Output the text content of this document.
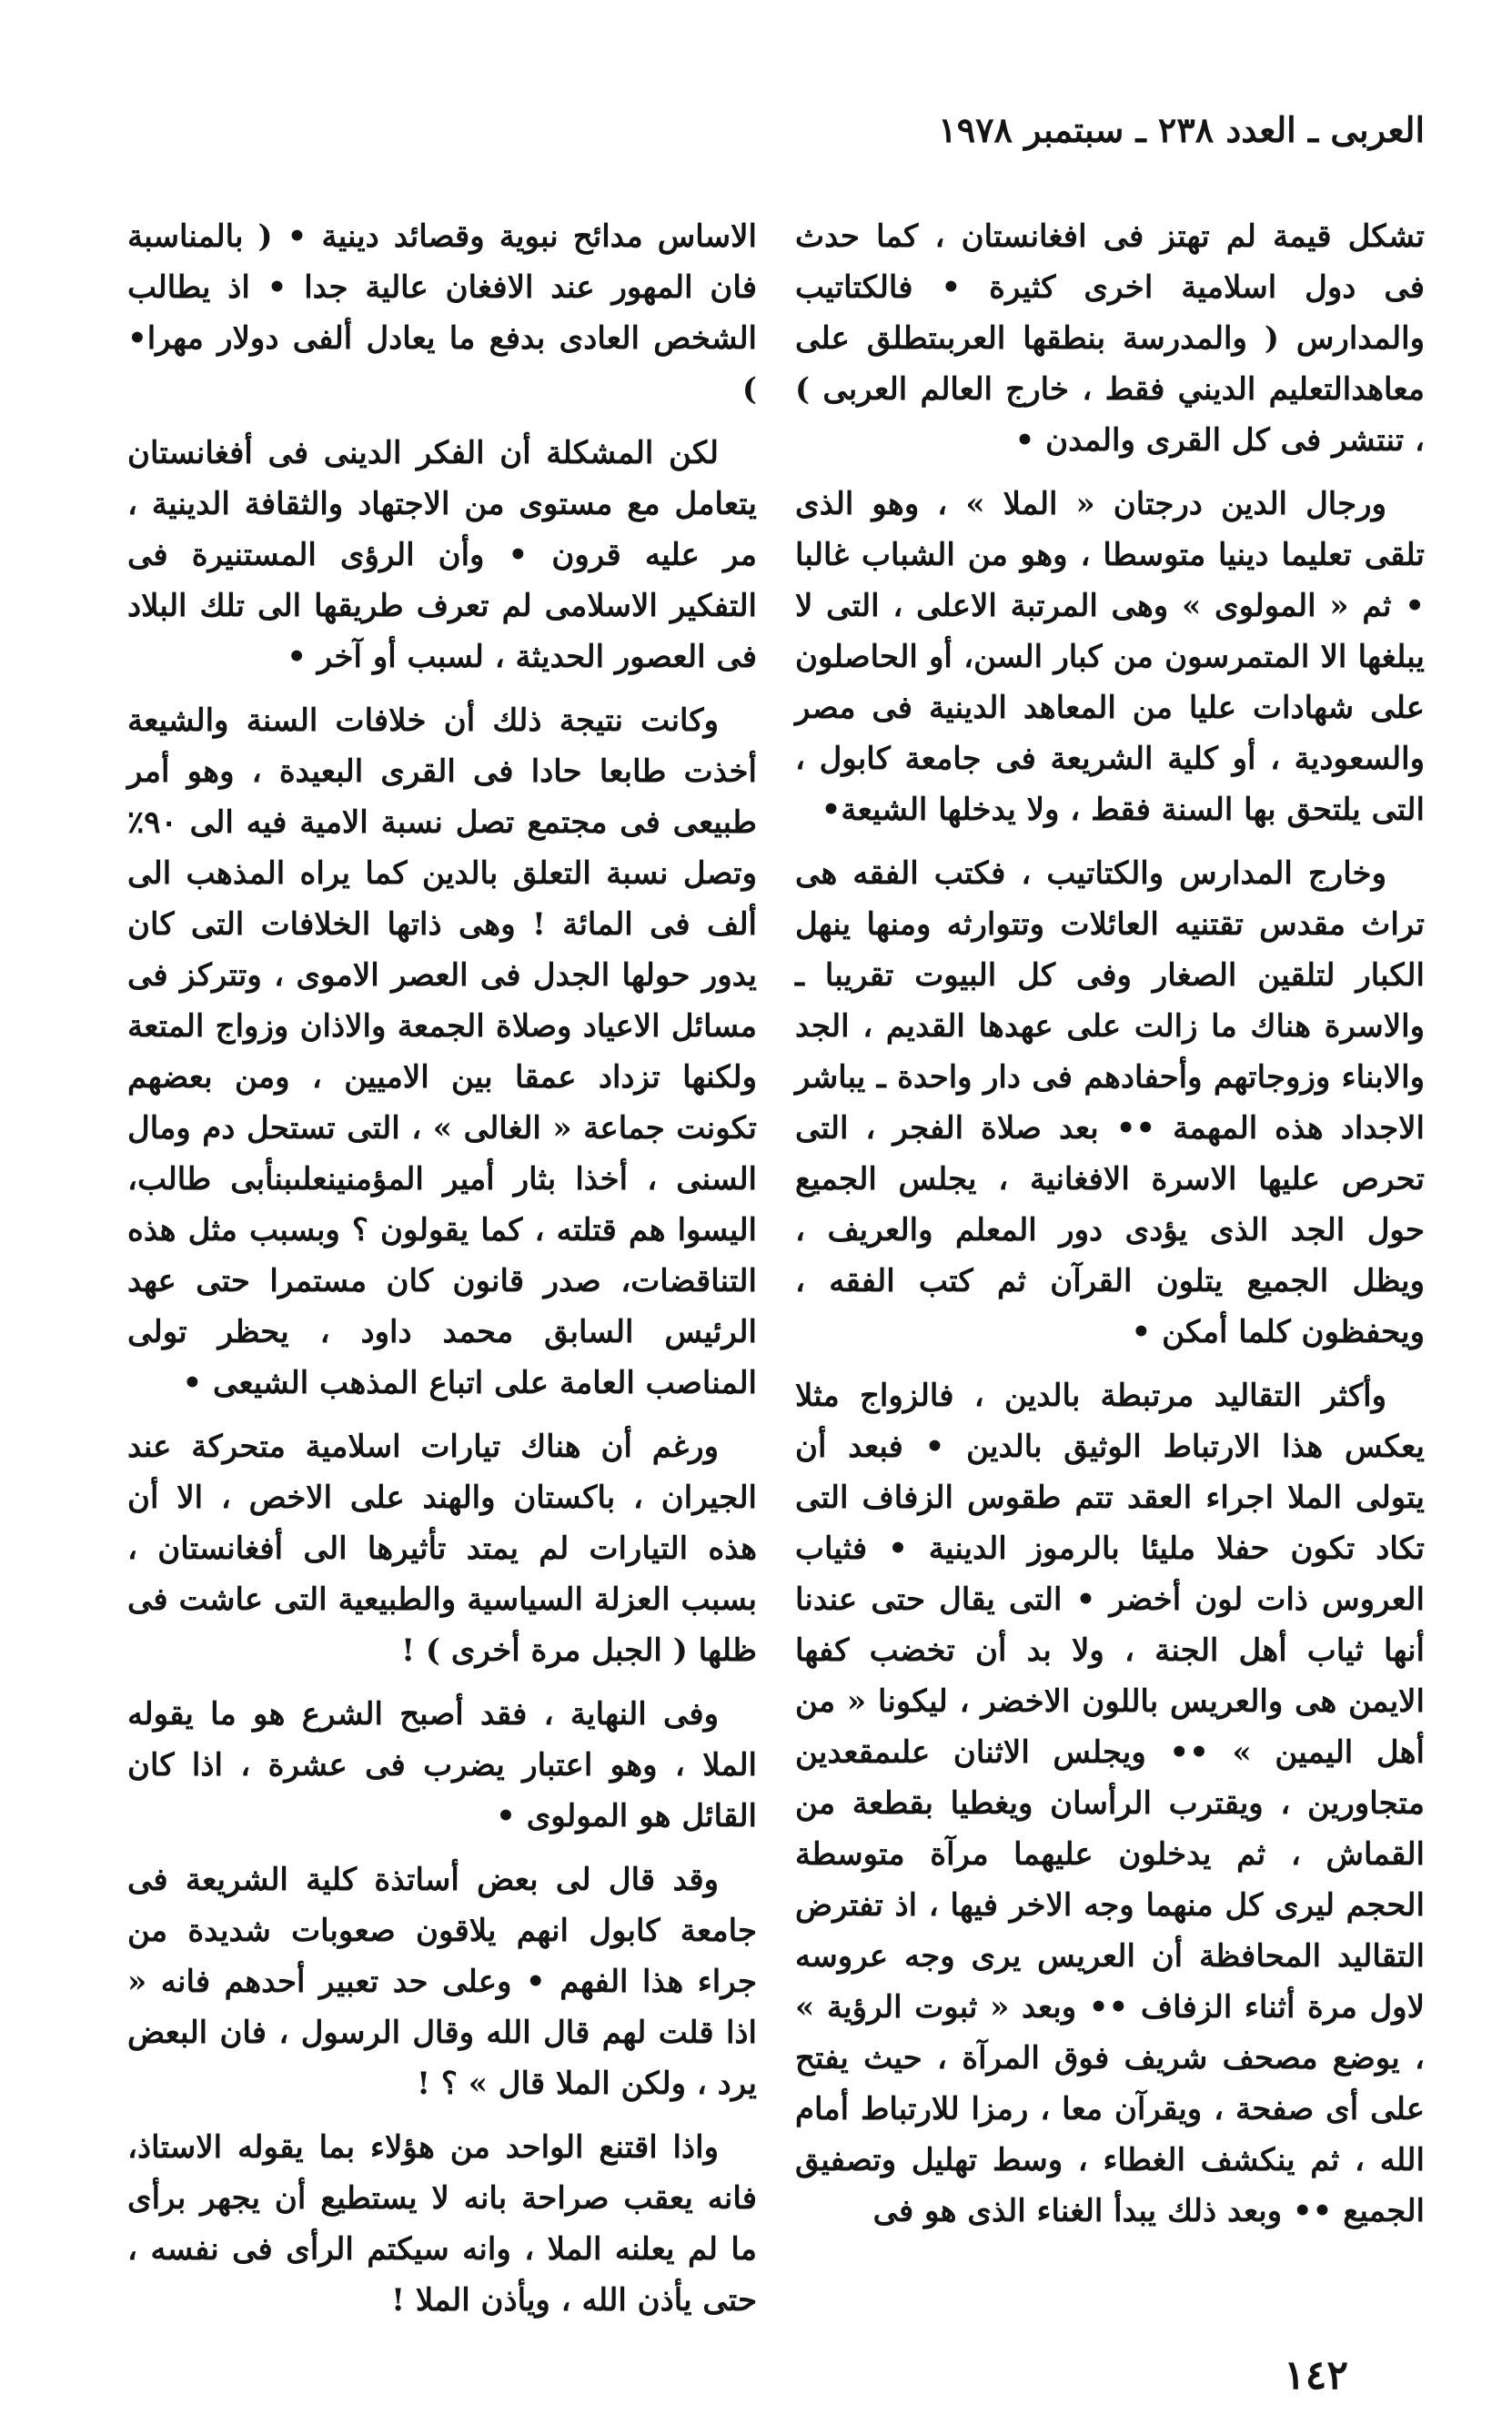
العربى ـ العدد ٢٣٨ ـ سبتمبر ١٩٧٨

تشكل قيمة لم تهتز فى افغانستان ، كما حدث فى دول اسلامية اخرى كثيرة • فالكتاتيب والمدارس ( والمدرسة بنطقها العربىتطلق على معاهدالتعليم الديني فقط ، خارج العالم العربى ) ، تنتشر فى كل القرى والمدن •

ورجال الدين درجتان « الملا » ، وهو الذى تلقى تعليما دينيا متوسطا ، وهو من الشباب غالبا • ثم « المولوى » وهى المرتبة الاعلى ، التى لا يبلغها الا المتمرسون من كبار السن، أو الحاصلون على شهادات عليا من المعاهد الدينية فى مصر والسعودية ، أو كلية الشريعة فى جامعة كابول ، التى يلتحق بها السنة فقط ، ولا يدخلها الشيعة•

وخارج المدارس والكتاتيب ، فكتب الفقه هى تراث مقدس تقتنيه العائلات وتتوارثه ومنها ينهل الكبار لتلقين الصغار وفى كل البيوت تقريبا ـ والاسرة هناك ما زالت على عهدها القديم ، الجد والابناء وزوجاتهم وأحفادهم فى دار واحدة ـ يباشر الاجداد هذه المهمة •• بعد صلاة الفجر ، التى تحرص عليها الاسرة الافغانية ، يجلس الجميع حول الجد الذى يؤدى دور المعلم والعريف ، ويظل الجميع يتلون القرآن ثم كتب الفقه ، ويحفظون كلما أمكن •

وأكثر التقاليد مرتبطة بالدين ، فالزواج مثلا يعكس هذا الارتباط الوثيق بالدين • فبعد أن يتولى الملا اجراء العقد تتم طقوس الزفاف التى تكاد تكون حفلا مليئا بالرموز الدينية • فثياب العروس ذات لون أخضر • التى يقال حتى عندنا أنها ثياب أهل الجنة ، ولا بد أن تخضب كفها الايمن هى والعريس باللون الاخضر ، ليكونا « من أهل اليمين » •• ويجلس الاثنان علىمقعدين متجاورين ، ويقترب الرأسان ويغطيا بقطعة من القماش ، ثم يدخلون عليهما مرآة متوسطة الحجم ليرى كل منهما وجه الاخر فيها ، اذ تفترض التقاليد المحافظة أن العريس يرى وجه عروسه لاول مرة أثناء الزفاف •• وبعد « ثبوت الرؤية » ، يوضع مصحف شريف فوق المرآة ، حيث يفتح على أى صفحة ، ويقرآن معا ، رمزا للارتباط أمام الله ، ثم ينكشف الغطاء ، وسط تهليل وتصفيق الجميع •• وبعد ذلك يبدأ الغناء الذى هو فى

الاساس مدائح نبوية وقصائد دينية • ( بالمناسبة فان المهور عند الافغان عالية جدا • اذ يطالب الشخص العادى بدفع ما يعادل ألفى دولار مهرا• )

لكن المشكلة أن الفكر الدينى فى أفغانستان يتعامل مع مستوى من الاجتهاد والثقافة الدينية ، مر عليه قرون • وأن الرؤى المستنيرة فى التفكير الاسلامى لم تعرف طريقها الى تلك البلاد فى العصور الحديثة ، لسبب أو آخر •

وكانت نتيجة ذلك أن خلافات السنة والشيعة أخذت طابعا حادا فى القرى البعيدة ، وهو أمر طبيعى فى مجتمع تصل نسبة الامية فيه الى ٩٠٪ وتصل نسبة التعلق بالدين كما يراه المذهب الى ألف فى المائة ! وهى ذاتها الخلافات التى كان يدور حولها الجدل فى العصر الاموى ، وتتركز فى مسائل الاعياد وصلاة الجمعة والاذان وزواج المتعة ولكنها تزداد عمقا بين الاميين ، ومن بعضهم تكونت جماعة « الغالى » ، التى تستحل دم ومال السنى ، أخذا بثار أمير المؤمنينعلىبنأبى طالب، اليسوا هم قتلته ، كما يقولون ؟ وبسبب مثل هذه التناقضات، صدر قانون كان مستمرا حتى عهد الرئيس السابق محمد داود ، يحظر تولى المناصب العامة على اتباع المذهب الشيعى •

ورغم أن هناك تيارات اسلامية متحركة عند الجيران ، باكستان والهند على الاخص ، الا أن هذه التيارات لم يمتد تأثيرها الى أفغانستان ، بسبب العزلة السياسية والطبيعية التى عاشت فى ظلها ( الجبل مرة أخرى ) !

وفى النهاية ، فقد أصبح الشرع هو ما يقوله الملا ، وهو اعتبار يضرب فى عشرة ، اذا كان القائل هو المولوى •

وقد قال لى بعض أساتذة كلية الشريعة فى جامعة كابول انهم يلاقون صعوبات شديدة من جراء هذا الفهم • وعلى حد تعبير أحدهم فانه « اذا قلت لهم قال الله وقال الرسول ، فان البعض يرد ، ولكن الملا قال » ؟ !

واذا اقتنع الواحد من هؤلاء بما يقوله الاستاذ، فانه يعقب صراحة بانه لا يستطيع أن يجهر برأى ما لم يعلنه الملا ، وانه سيكتم الرأى فى نفسه ، حتى يأذن الله ، ويأذن الملا !

١٤٢
